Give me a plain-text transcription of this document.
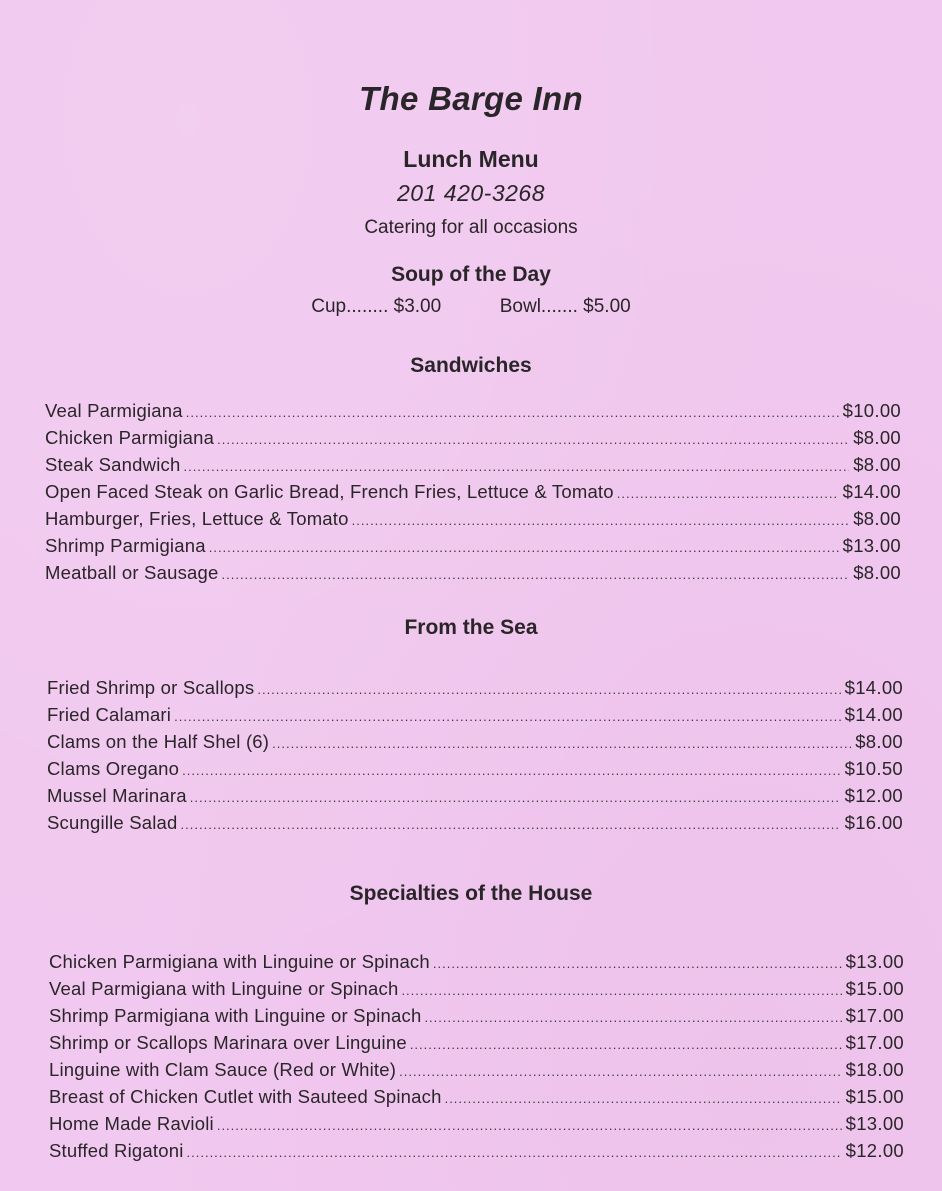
The Barge Inn
Lunch Menu
201 420-3268
Catering for all occasions
Soup of the Day
Cup........ $3.00	Bowl....... $5.00
Sandwiches
Veal Parmigiana .....	$10.00
Chicken Parmigiana .....	$8.00
Steak Sandwich .....	$8.00
Open Faced Steak on Garlic Bread, French Fries, Lettuce & Tomato .....	$14.00
Hamburger, Fries, Lettuce & Tomato .....	$8.00
Shrimp Parmigiana .....	$13.00
Meatball or Sausage .....	$8.00
From the Sea
Fried Shrimp or Scallops .....	$14.00
Fried Calamari .....	$14.00
Clams on the Half Shel (6) .....	$8.00
Clams Oregano .....	$10.50
Mussel Marinara .....	$12.00
Scungille Salad .....	$16.00
Specialties of the House
Chicken Parmigiana with Linguine or Spinach .....	$13.00
Veal Parmigiana with Linguine or Spinach .....	$15.00
Shrimp Parmigiana with Linguine or Spinach .....	$17.00
Shrimp or Scallops Marinara over Linguine .....	$17.00
Linguine with Clam Sauce (Red or White) .....	$18.00
Breast of Chicken Cutlet with Sauteed Spinach .....	$15.00
Home Made Ravioli .....	$13.00
Stuffed Rigatoni .....	$12.00
